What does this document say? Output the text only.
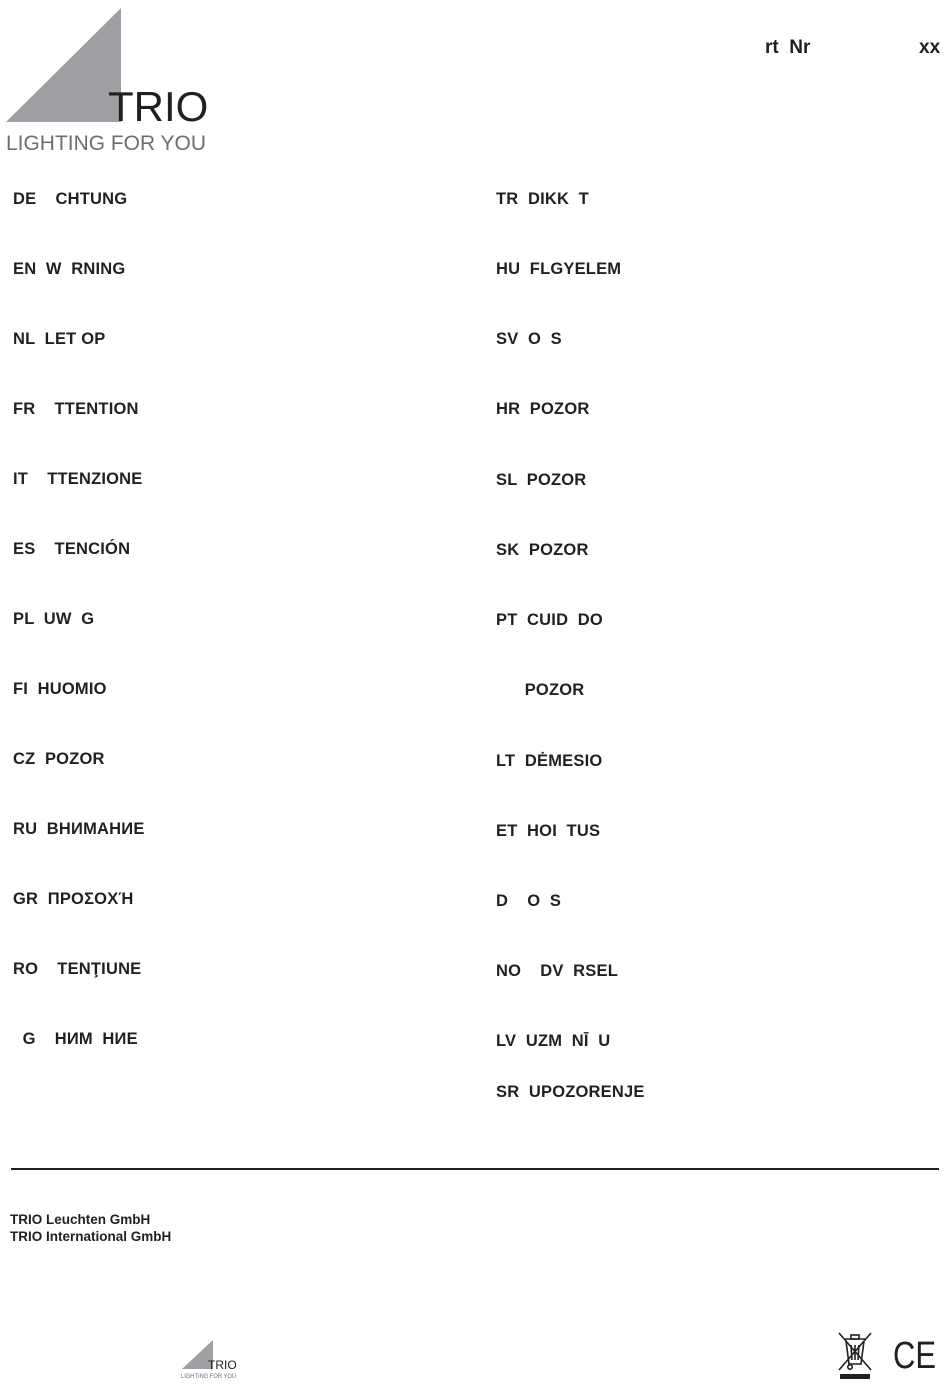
TRIO
LIGHTING FOR YOU
rt  Nr	xx
DE    CHTUNG
EN  W  RNING
NL  LET OP
FR    TTENTION
IT    TTENZIONE
ES    TENCIÓN
PL  UW  G
FI  HUOMIO
CZ  POZOR
RU  ВНИМАНИЕ
GR  ΠΡΟΣΟΧΉ
RO    TENŢIUNE
G    НИМ  НИЕ
TR  DIKK  T
HU  FLGYELEM
SV  O  S
HR  POZOR
SL  POZOR
SK  POZOR
PT  CUID  DO
POZOR
LT  DĖMESIO
ET  HOI  TUS
D    O  S
NO    DV  RSEL
LV  UZM  NĪ  U
SR  UPOZORENJE
TRIO Leuchten GmbH
TRIO International GmbH
TRIO
LIGHTING FOR YOU	CE
